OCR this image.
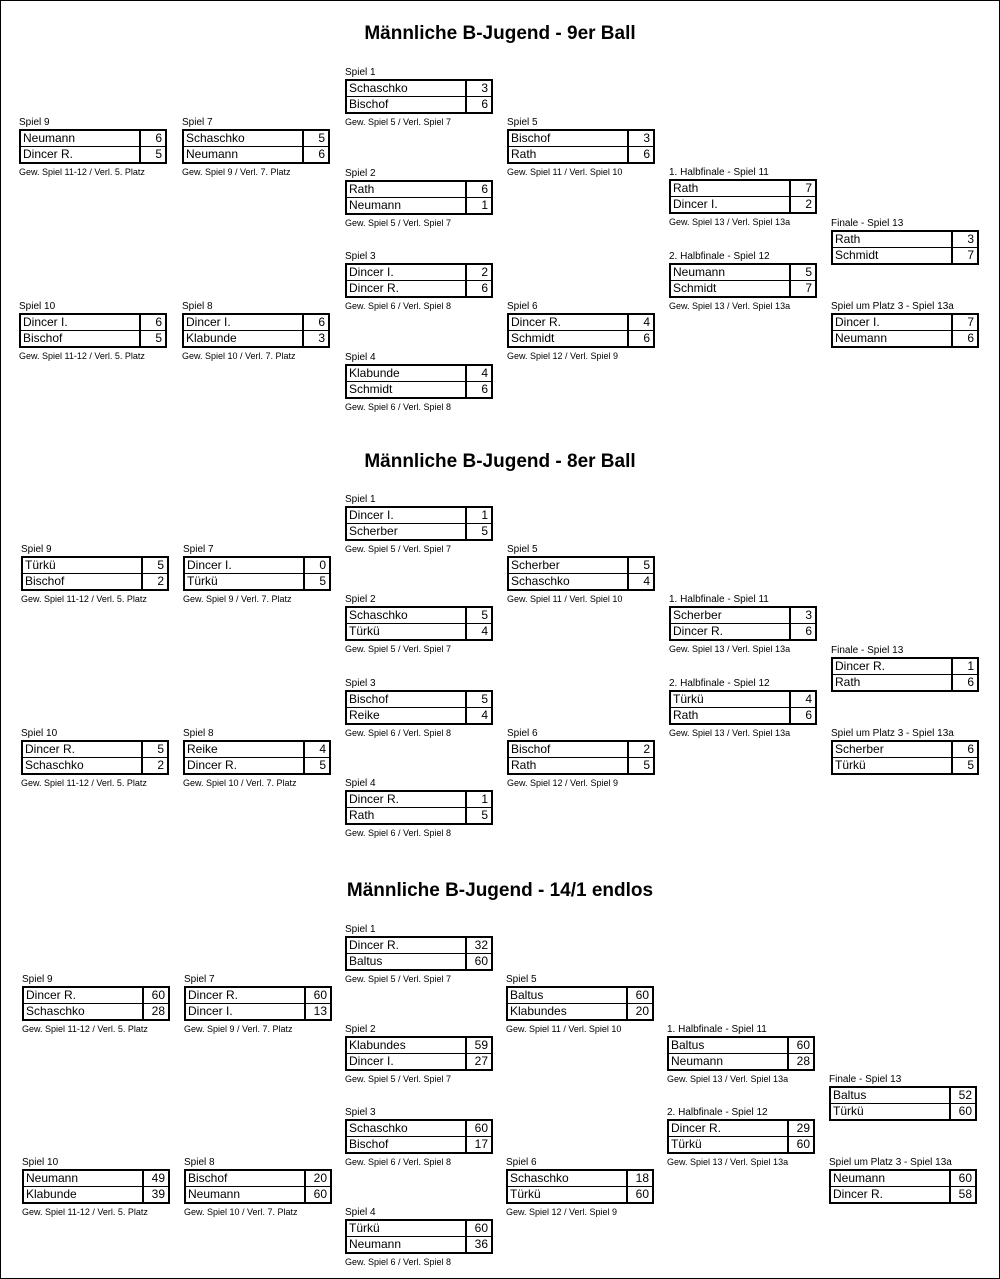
Männliche B-Jugend - 9er Ball
Männliche B-Jugend - 8er Ball
Männliche B-Jugend - 14/1 endlos
Spiel 1
Schaschko	3
Bischof	6
Gew. Spiel 5 / Verl. Spiel 7
Spiel 9
Neumann	6
Dincer R.	5
Gew. Spiel 11-12 / Verl. 5. Platz
Spiel 7
Schaschko	5
Neumann	6
Gew. Spiel 9 / Verl. 7. Platz
Spiel 5
Bischof	3
Rath	6
Gew. Spiel 11 / Verl. Spiel 10
Spiel 2
Rath	6
Neumann	1
Gew. Spiel 5 / Verl. Spiel 7
1. Halbfinale - Spiel 11
Rath	7
Dincer I.	2
Gew. Spiel 13 / Verl. Spiel 13a	Finale - Spiel 13
Rath	3
Schmidt	7
Spiel 3
Dincer I.	2
Dincer R.	6
Gew. Spiel 6 / Verl. Spiel 8
2. Halbfinale - Spiel 12
Neumann	5
Schmidt	7
Gew. Spiel 13 / Verl. Spiel 13a
Spiel 10
Dincer I.	6
Bischof	5
Gew. Spiel 11-12 / Verl. 5. Platz
Spiel 8
Dincer I.	6
Klabunde	3
Gew. Spiel 10 / Verl. 7. Platz
Spiel 6
Dincer R.	4
Schmidt	6
Gew. Spiel 12 / Verl. Spiel 9
Spiel um Platz 3 - Spiel 13a
Dincer I.	7
Neumann	6
Spiel 4
Klabunde	4
Schmidt	6
Gew. Spiel 6 / Verl. Spiel 8
Spiel 1
Dincer I.	1
Scherber	5
Gew. Spiel 5 / Verl. Spiel 7
Spiel 9
Türkü	5
Bischof	2
Gew. Spiel 11-12 / Verl. 5. Platz
Spiel 7
Dincer I.	0
Türkü	5
Gew. Spiel 9 / Verl. 7. Platz
Spiel 5
Scherber	5
Schaschko	4
Gew. Spiel 11 / Verl. Spiel 10
Spiel 2
Schaschko	5
Türkü	4
Gew. Spiel 5 / Verl. Spiel 7
1. Halbfinale - Spiel 11
Scherber	3
Dincer R.	6
Gew. Spiel 13 / Verl. Spiel 13a	Finale - Spiel 13
Dincer R.	1
Rath	6
Spiel 3
Bischof	5
Reike	4
Gew. Spiel 6 / Verl. Spiel 8
2. Halbfinale - Spiel 12
Türkü	4
Rath	6
Gew. Spiel 13 / Verl. Spiel 13a
Spiel 10
Dincer R.	5
Schaschko	2
Gew. Spiel 11-12 / Verl. 5. Platz
Spiel 8
Reike	4
Dincer R.	5
Gew. Spiel 10 / Verl. 7. Platz
Spiel 6
Bischof	2
Rath	5
Gew. Spiel 12 / Verl. Spiel 9
Spiel um Platz 3 - Spiel 13a
Scherber	6
Türkü	5
Spiel 4
Dincer R.	1
Rath	5
Gew. Spiel 6 / Verl. Spiel 8
Spiel 1
Dincer R.	32
Baltus	60
Gew. Spiel 5 / Verl. Spiel 7
Spiel 9
Dincer R.	60
Schaschko	28
Gew. Spiel 11-12 / Verl. 5. Platz
Spiel 7
Dincer R.	60
Dincer I.	13
Gew. Spiel 9 / Verl. 7. Platz
Spiel 5
Baltus	60
Klabundes	20
Gew. Spiel 11 / Verl. Spiel 10
Spiel 2
Klabundes	59
Dincer I.	27
Gew. Spiel 5 / Verl. Spiel 7
1. Halbfinale - Spiel 11
Baltus	60
Neumann	28
Gew. Spiel 13 / Verl. Spiel 13a	Finale - Spiel 13
Baltus	52
Türkü	60
Spiel 3
Schaschko	60
Bischof	17
Gew. Spiel 6 / Verl. Spiel 8
2. Halbfinale - Spiel 12
Dincer R.	29
Türkü	60
Gew. Spiel 13 / Verl. Spiel 13a
Spiel 10
Neumann	49
Klabunde	39
Gew. Spiel 11-12 / Verl. 5. Platz
Spiel 8
Bischof	20
Neumann	60
Gew. Spiel 10 / Verl. 7. Platz
Spiel 6
Schaschko	18
Türkü	60
Gew. Spiel 12 / Verl. Spiel 9
Spiel um Platz 3 - Spiel 13a
Neumann	60
Dincer R.	58
Spiel 4
Türkü	60
Neumann	36
Gew. Spiel 6 / Verl. Spiel 8
